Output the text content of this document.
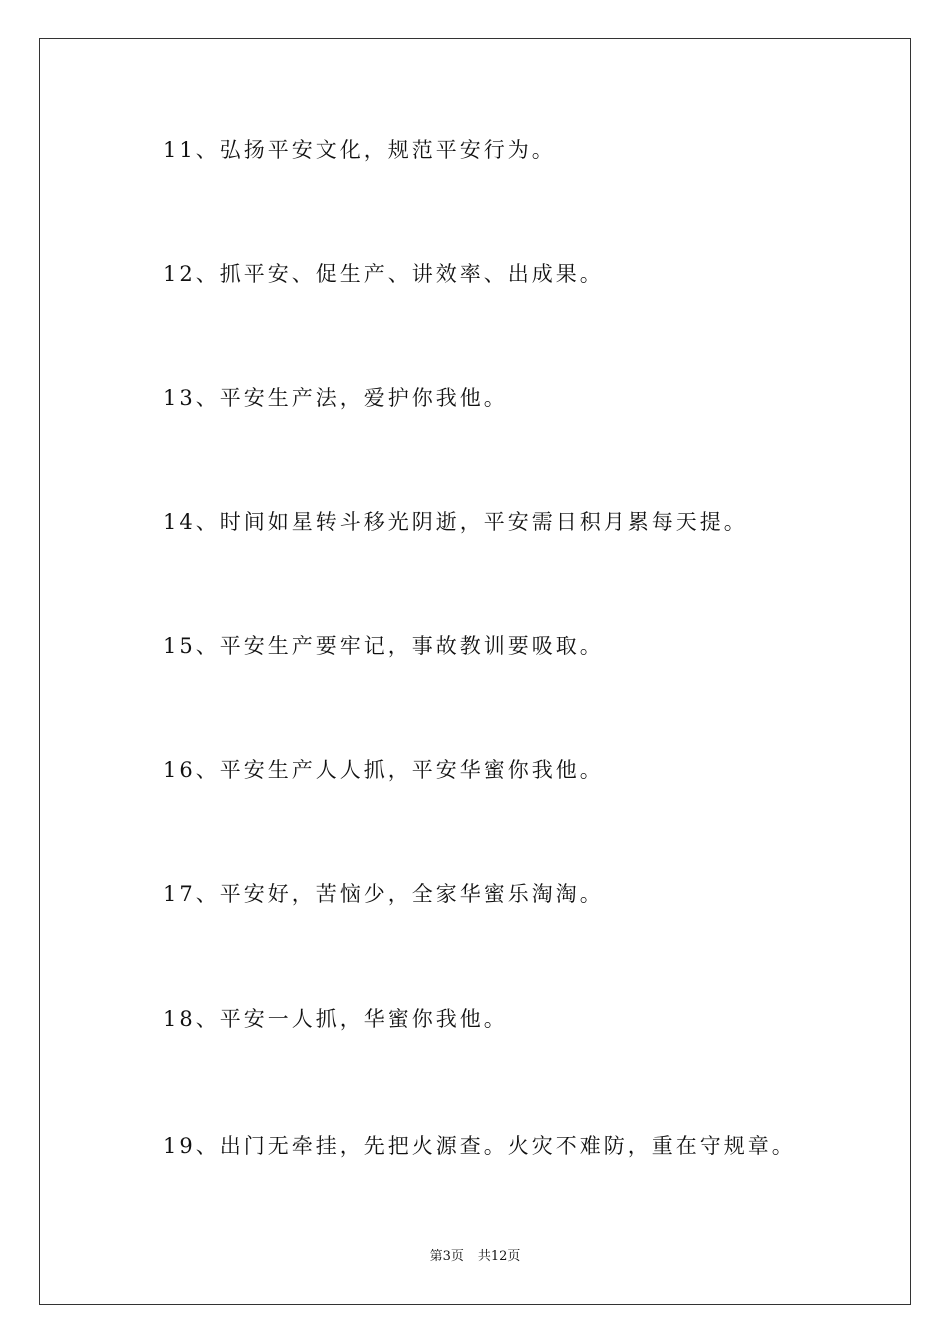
11、弘扬平安文化，规范平安行为。
12、抓平安、促生产、讲效率、出成果。
13、平安生产法，爱护你我他。
14、时间如星转斗移光阴逝，平安需日积月累每天提。
15、平安生产要牢记，事故教训要吸取。
16、平安生产人人抓，平安华蜜你我他。
17、平安好，苦恼少，全家华蜜乐淘淘。
18、平安一人抓，华蜜你我他。
19、出门无牵挂，先把火源查。火灾不难防，重在守规章。
第3页 共12页
